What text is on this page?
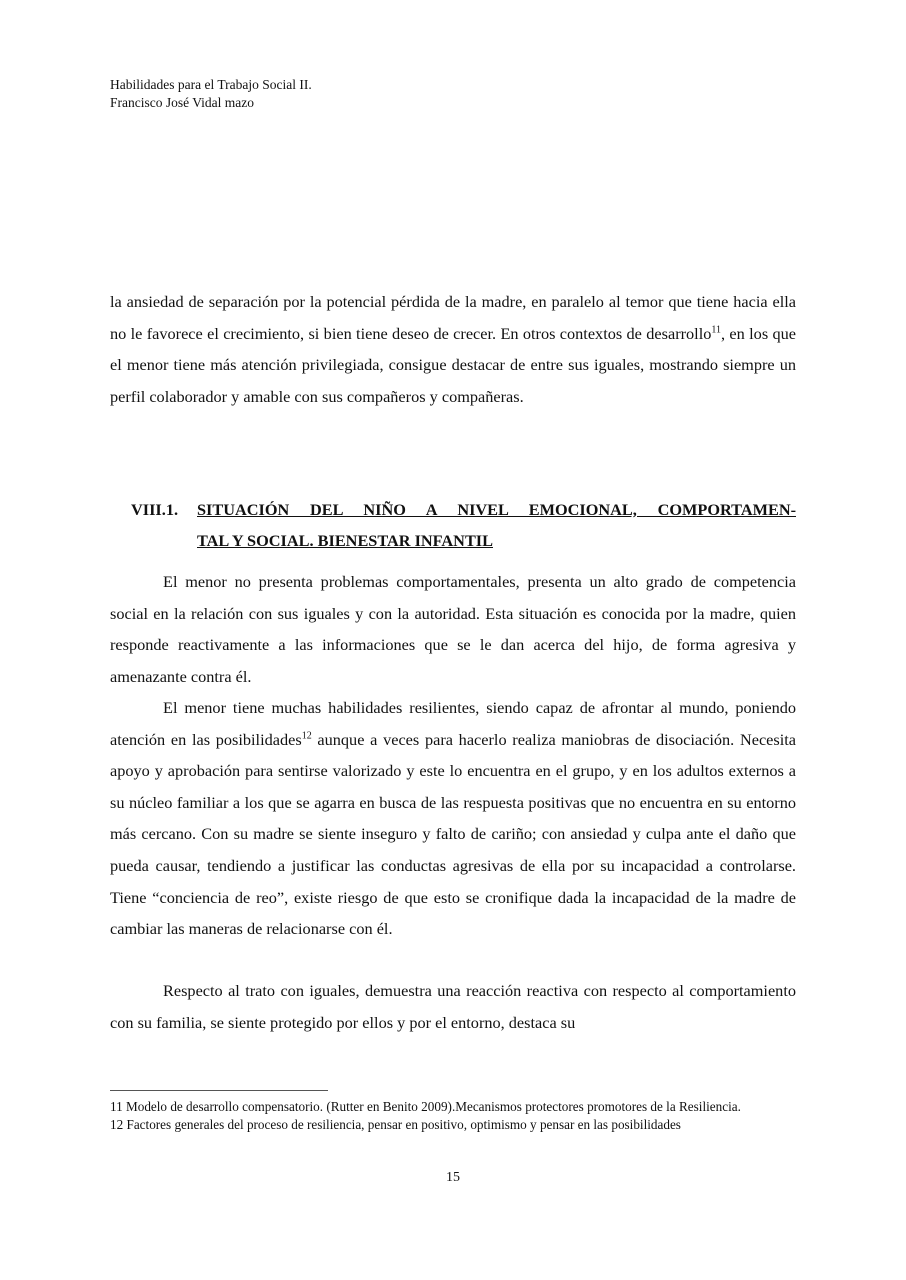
Habilidades para el Trabajo Social II.
Francisco José Vidal mazo

la ansiedad de separación por la potencial pérdida de la madre, en paralelo al temor que tiene hacia ella no le favorece el crecimiento, si bien tiene deseo de crecer. En otros contextos de desarrollo$^{11}$, en los que el menor tiene más atención privilegiada, consigue destacar de entre sus iguales, mostrando siempre un perfil colaborador y amable con sus compañeros y compañeras.

VIII.1. SITUACIÓN DEL NIÑO A NIVEL EMOCIONAL, COMPORTAMEN-
TAL Y SOCIAL. BIENESTAR INFANTIL

El menor no presenta problemas comportamentales, presenta un alto grado de competencia social en la relación con sus iguales y con la autoridad. Esta situación es conocida por la madre, quien responde reactivamente a las informaciones que se le dan acerca del hijo, de forma agresiva y amenazante contra él.

El menor tiene muchas habilidades resilientes, siendo capaz de afrontar al mundo, poniendo atención en las posibilidades$^{12}$ aunque a veces para hacerlo realiza maniobras de disociación. Necesita apoyo y aprobación para sentirse valorizado y este lo encuentra en el grupo, y en los adultos externos a su núcleo familiar a los que se agarra en busca de las respuesta positivas que no encuentra en su entorno más cercano. Con su madre se siente inseguro y falto de cariño; con ansiedad y culpa ante el daño que pueda causar, tendiendo a justificar las conductas agresivas de ella por su incapacidad a controlarse. Tiene “conciencia de reo”, existe riesgo de que esto se cronifique dada la incapacidad de la madre de cambiar las maneras de relacionarse con él.

Respecto al trato con iguales, demuestra una reacción reactiva con respecto al comportamiento con su familia, se siente protegido por ellos y por el entorno, destaca su

11 Modelo de desarrollo compensatorio. (Rutter en Benito 2009).Mecanismos protectores promotores de la Resiliencia.

12 Factores generales del proceso de resiliencia, pensar en positivo, optimismo y pensar en las posibilidades

15
